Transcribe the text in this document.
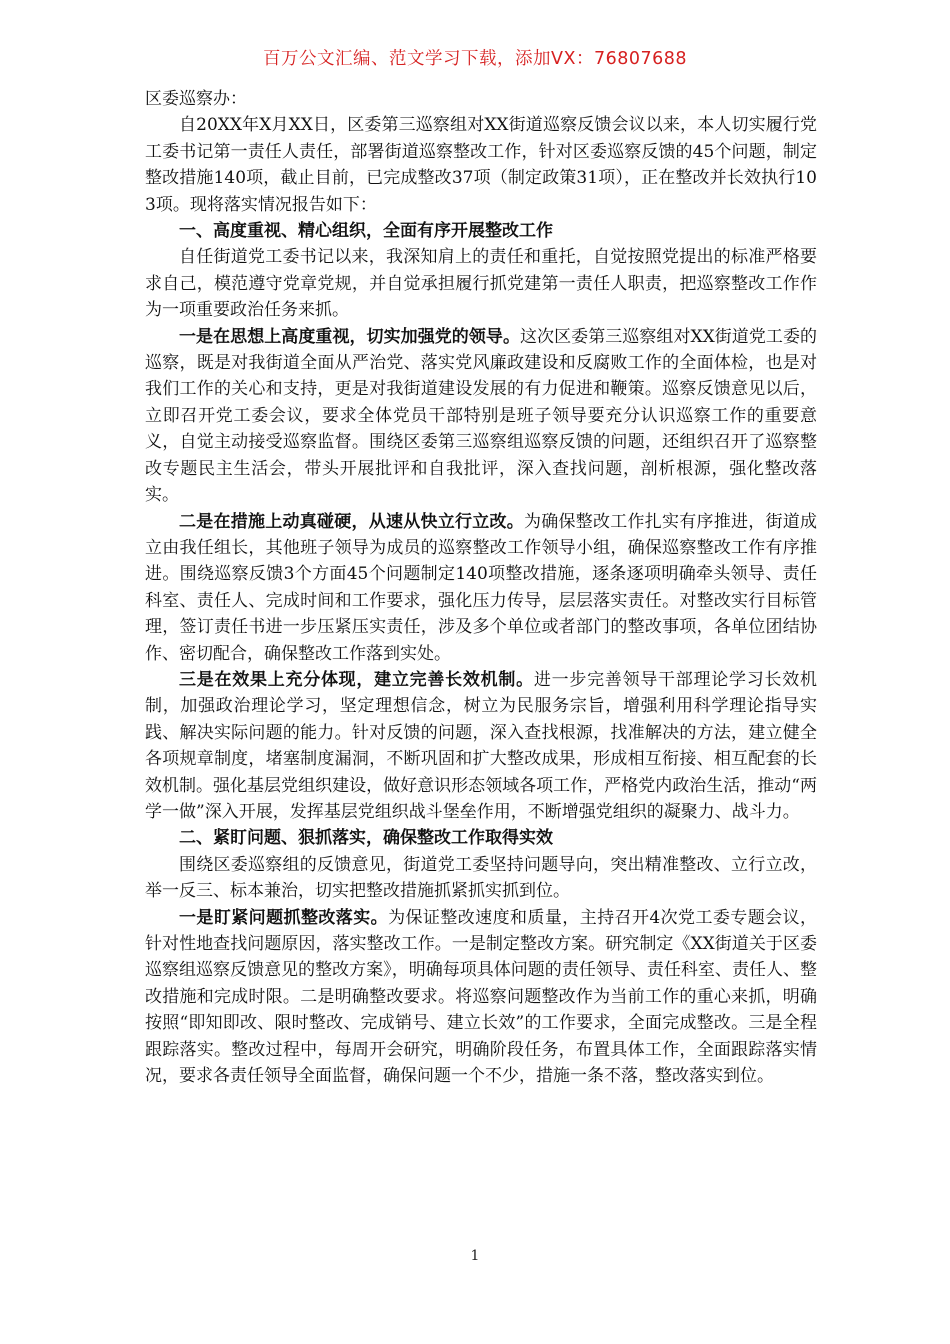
百万公文汇编、范文学习下载，添加VX：76807688

区委巡察办：

自20XX年X月XX日，区委第三巡察组对XX街道巡察反馈会议以来，本人切实履行党工委书记第一责任人责任，部署街道巡察整改工作，针对区委巡察反馈的45个问题，制定整改措施140项，截止目前，已完成整改37项（制定政策31项），正在整改并长效执行103项。现将落实情况报告如下：

一、高度重视、精心组织，全面有序开展整改工作

自任街道党工委书记以来，我深知肩上的责任和重托，自觉按照党提出的标准严格要求自己，模范遵守党章党规，并自觉承担履行抓党建第一责任人职责，把巡察整改工作作为一项重要政治任务来抓。

一是在思想上高度重视，切实加强党的领导。这次区委第三巡察组对XX街道党工委的巡察，既是对我街道全面从严治党、落实党风廉政建设和反腐败工作的全面体检，也是对我们工作的关心和支持，更是对我街道建设发展的有力促进和鞭策。巡察反馈意见以后，立即召开党工委会议，要求全体党员干部特别是班子领导要充分认识巡察工作的重要意义，自觉主动接受巡察监督。围绕区委第三巡察组巡察反馈的问题，还组织召开了巡察整改专题民主生活会，带头开展批评和自我批评，深入查找问题，剖析根源，强化整改落实。

二是在措施上动真碰硬，从速从快立行立改。为确保整改工作扎实有序推进，街道成立由我任组长，其他班子领导为成员的巡察整改工作领导小组，确保巡察整改工作有序推进。围绕巡察反馈3个方面45个问题制定140项整改措施，逐条逐项明确牵头领导、责任科室、责任人、完成时间和工作要求，强化压力传导，层层落实责任。对整改实行目标管理，签订责任书进一步压紧压实责任，涉及多个单位或者部门的整改事项，各单位团结协作、密切配合，确保整改工作落到实处。

三是在效果上充分体现，建立完善长效机制。进一步完善领导干部理论学习长效机制，加强政治理论学习，坚定理想信念，树立为民服务宗旨，增强利用科学理论指导实践、解决实际问题的能力。针对反馈的问题，深入查找根源，找准解决的方法，建立健全各项规章制度，堵塞制度漏洞，不断巩固和扩大整改成果，形成相互衔接、相互配套的长效机制。强化基层党组织建设，做好意识形态领域各项工作，严格党内政治生活，推动“两学一做”深入开展，发挥基层党组织战斗堡垒作用，不断增强党组织的凝聚力、战斗力。

二、紧盯问题、狠抓落实，确保整改工作取得实效

围绕区委巡察组的反馈意见，街道党工委坚持问题导向，突出精准整改、立行立改，举一反三、标本兼治，切实把整改措施抓紧抓实抓到位。

一是盯紧问题抓整改落实。为保证整改速度和质量，主持召开4次党工委专题会议，针对性地查找问题原因，落实整改工作。一是制定整改方案。研究制定《XX街道关于区委巡察组巡察反馈意见的整改方案》，明确每项具体问题的责任领导、责任科室、责任人、整改措施和完成时限。二是明确整改要求。将巡察问题整改作为当前工作的重心来抓，明确按照“即知即改、限时整改、完成销号、建立长效”的工作要求，全面完成整改。三是全程跟踪落实。整改过程中，每周开会研究，明确阶段任务，布置具体工作，全面跟踪落实情况，要求各责任领导全面监督，确保问题一个不少，措施一条不落，整改落实到位。

1
